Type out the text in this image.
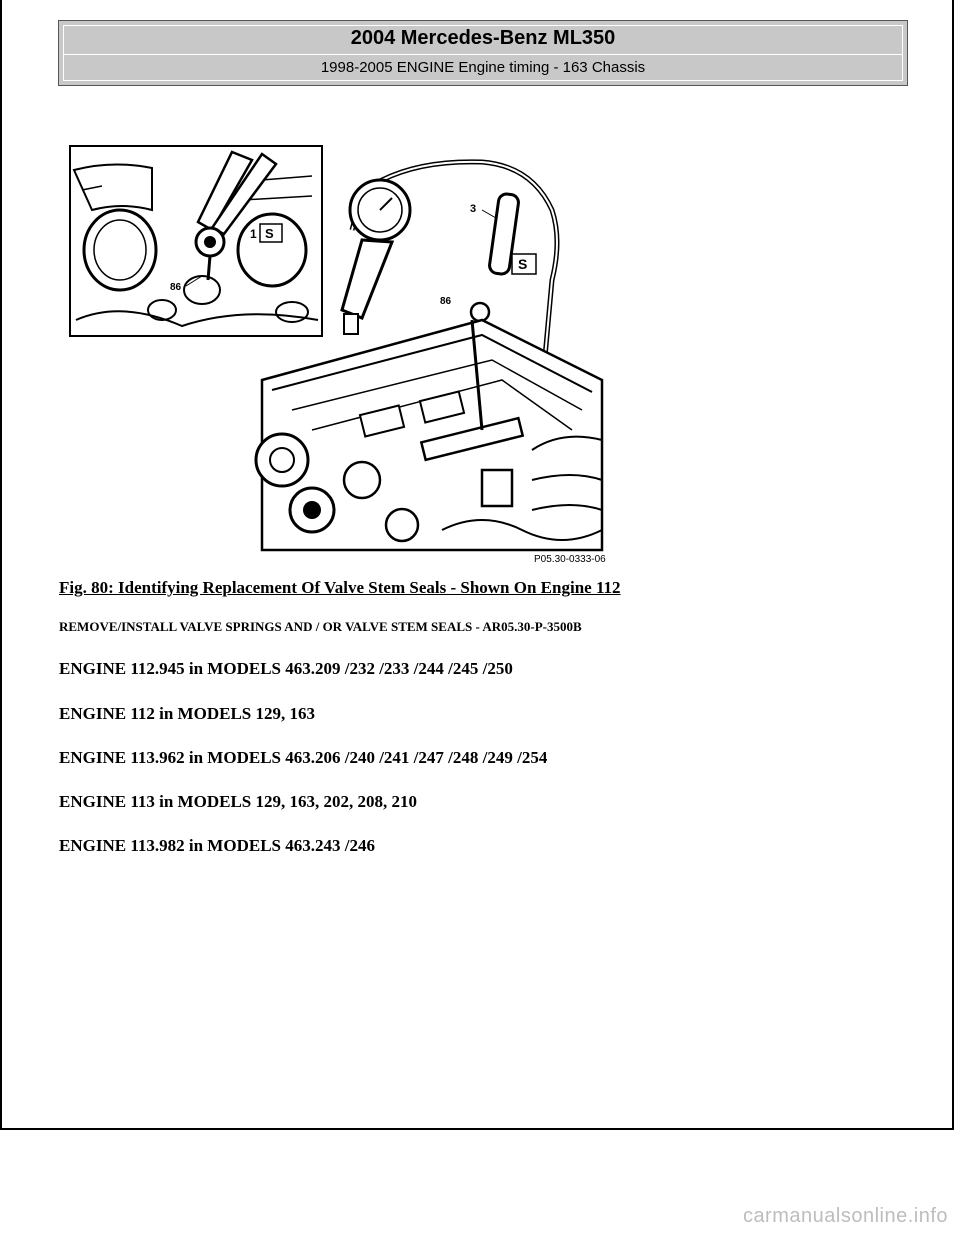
2004 Mercedes-Benz ML350
1998-2005 ENGINE Engine timing - 163 Chassis
S
1
86
3
S
86
P05.30-0333-06
Fig. 80: Identifying Replacement Of Valve Stem Seals - Shown On Engine 112
REMOVE/INSTALL VALVE SPRINGS AND / OR VALVE STEM SEALS - AR05.30-P-3500B
ENGINE 112.945 in MODELS 463.209 /232 /233 /244 /245 /250
ENGINE 112 in MODELS 129, 163
ENGINE 113.962 in MODELS 463.206 /240 /241 /247 /248 /249 /254
ENGINE 113 in MODELS 129, 163, 202, 208, 210
ENGINE 113.982 in MODELS 463.243 /246
carmanualsonline.info
